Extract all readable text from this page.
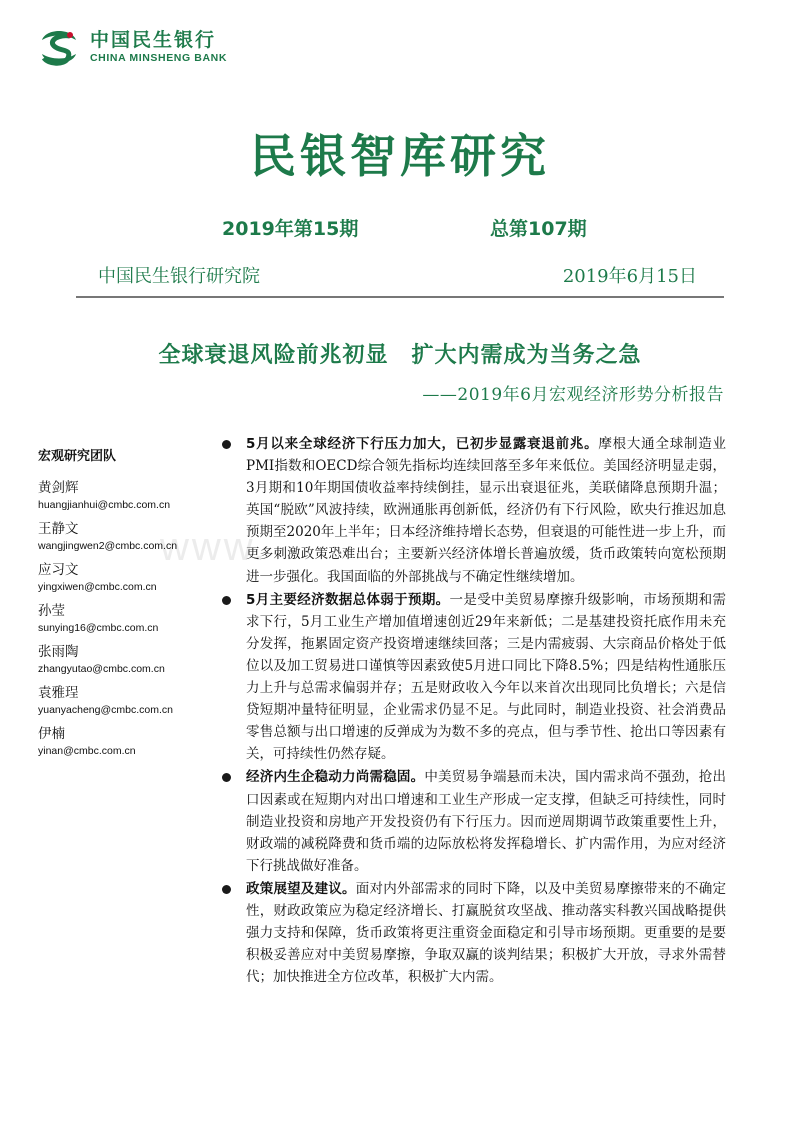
中国民生银行
CHINA MINSHENG BANK
民银智库研究
2019年第15期	总第107期
中国民生银行研究院	2019年6月15日
全球衰退风险前兆初显　扩大内需成为当务之急
——2019年6月宏观经济形势分析报告
www.
宏观研究团队
黄剑辉
huangjianhui@cmbc.com.cn
王静文
wangjingwen2@cmbc.com.cn
应习文
yingxiwen@cmbc.com.cn
孙莹
sunying16@cmbc.com.cn
张雨陶
zhangyutao@cmbc.com.cn
袁雅珵
yuanyacheng@cmbc.com.cn
伊楠
yinan@cmbc.com.cn
5月以来全球经济下行压力加大，已初步显露衰退前兆。摩根大通全球制造业PMI指数和OECD综合领先指标均连续回落至多年来低位。美国经济明显走弱，3月期和10年期国债收益率持续倒挂，显示出衰退征兆，美联储降息预期升温；英国“脱欧”风波持续，欧洲通胀再创新低，经济仍有下行风险，欧央行推迟加息预期至2020年上半年；日本经济维持增长态势，但衰退的可能性进一步上升，而更多刺激政策恐难出台；主要新兴经济体增长普遍放缓，货币政策转向宽松预期进一步强化。我国面临的外部挑战与不确定性继续增加。
5月主要经济数据总体弱于预期。一是受中美贸易摩擦升级影响，市场预期和需求下行，5月工业生产增加值增速创近29年来新低；二是基建投资托底作用未充分发挥，拖累固定资产投资增速继续回落；三是内需疲弱、大宗商品价格处于低位以及加工贸易进口谨慎等因素致使5月进口同比下降8.5%；四是结构性通胀压力上升与总需求偏弱并存；五是财政收入今年以来首次出现同比负增长；六是信贷短期冲量特征明显，企业需求仍显不足。与此同时，制造业投资、社会消费品零售总额与出口增速的反弹成为为数不多的亮点，但与季节性、抢出口等因素有关，可持续性仍然存疑。
经济内生企稳动力尚需稳固。中美贸易争端悬而未决，国内需求尚不强劲，抢出口因素或在短期内对出口增速和工业生产形成一定支撑，但缺乏可持续性，同时制造业投资和房地产开发投资仍有下行压力。因而逆周期调节政策重要性上升，财政端的减税降费和货币端的边际放松将发挥稳增长、扩内需作用，为应对经济下行挑战做好准备。
政策展望及建议。面对内外部需求的同时下降，以及中美贸易摩擦带来的不确定性，财政政策应为稳定经济增长、打赢脱贫攻坚战、推动落实科教兴国战略提供强力支持和保障，货币政策将更注重资金面稳定和引导市场预期。更重要的是要积极妥善应对中美贸易摩擦，争取双赢的谈判结果；积极扩大开放，寻求外需替代；加快推进全方位改革，积极扩大内需。
